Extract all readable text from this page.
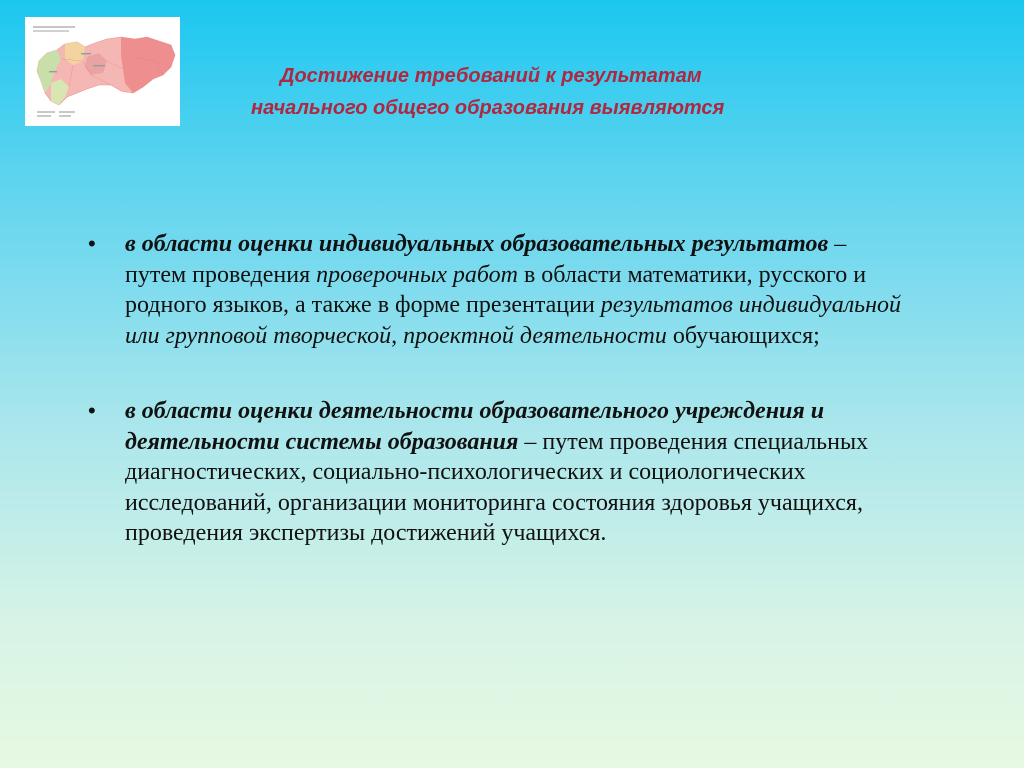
Достижение требований к результатам
начального общего образования выявляются
• в области оценки индивидуальных образовательных результатов – путем проведения проверочных работ в области математики, русского и родного языков, а также в форме презентации результатов индивидуальной или групповой творческой, проектной деятельности обучающихся;
• в области оценки деятельности образовательного учреждения и деятельности системы образования – путем проведения специальных диагностических, социально-психологических и социологических исследований, организации мониторинга состояния здоровья учащихся, проведения экспертизы достижений учащихся.
